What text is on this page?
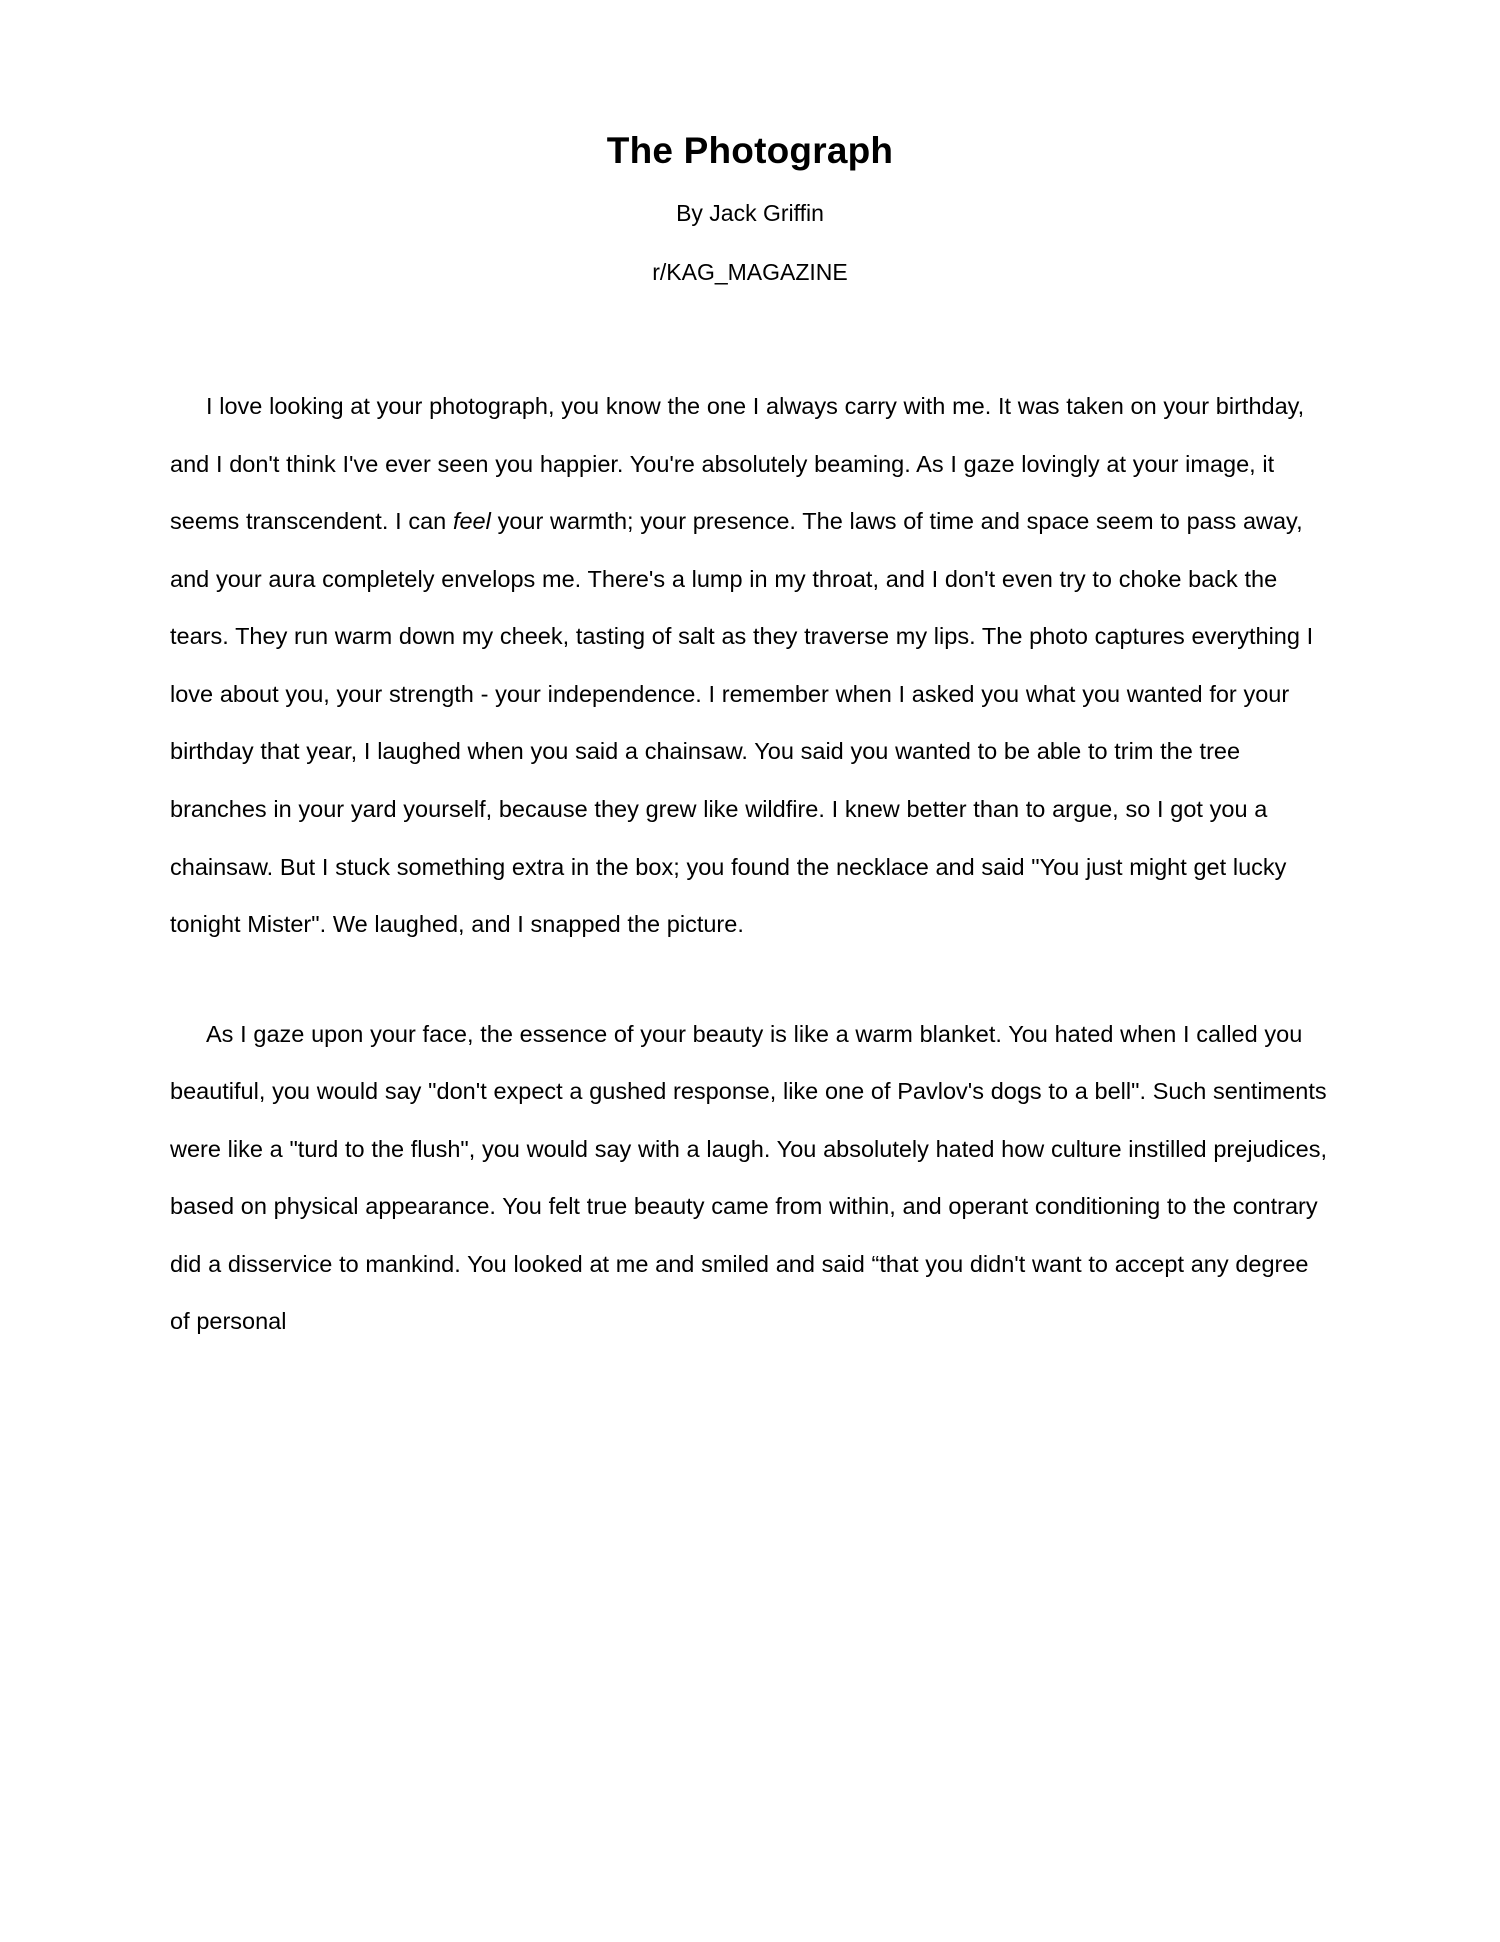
The Photograph
By Jack Griffin
r/KAG_MAGAZINE

I love looking at your photograph, you know the one I always carry with me. It was taken on your birthday, and I don't think I've ever seen you happier. You're absolutely beaming. As I gaze lovingly at your image, it seems transcendent. I can feel your warmth; your presence. The laws of time and space seem to pass away, and your aura completely envelops me. There's a lump in my throat, and I don't even try to choke back the tears. They run warm down my cheek, tasting of salt as they traverse my lips. The photo captures everything I love about you, your strength - your independence. I remember when I asked you what you wanted for your birthday that year, I laughed when you said a chainsaw. You said you wanted to be able to trim the tree branches in your yard yourself, because they grew like wildfire. I knew better than to argue, so I got you a chainsaw. But I stuck something extra in the box; you found the necklace and said "You just might get lucky tonight Mister". We laughed, and I snapped the picture.

As I gaze upon your face, the essence of your beauty is like a warm blanket. You hated when I called you beautiful, you would say "don't expect a gushed response, like one of Pavlov's dogs to a bell". Such sentiments were like a "turd to the flush", you would say with a laugh. You absolutely hated how culture instilled prejudices, based on physical appearance. You felt true beauty came from within, and operant conditioning to the contrary did a disservice to mankind. You looked at me and smiled and said “that you didn't want to accept any degree of personal
